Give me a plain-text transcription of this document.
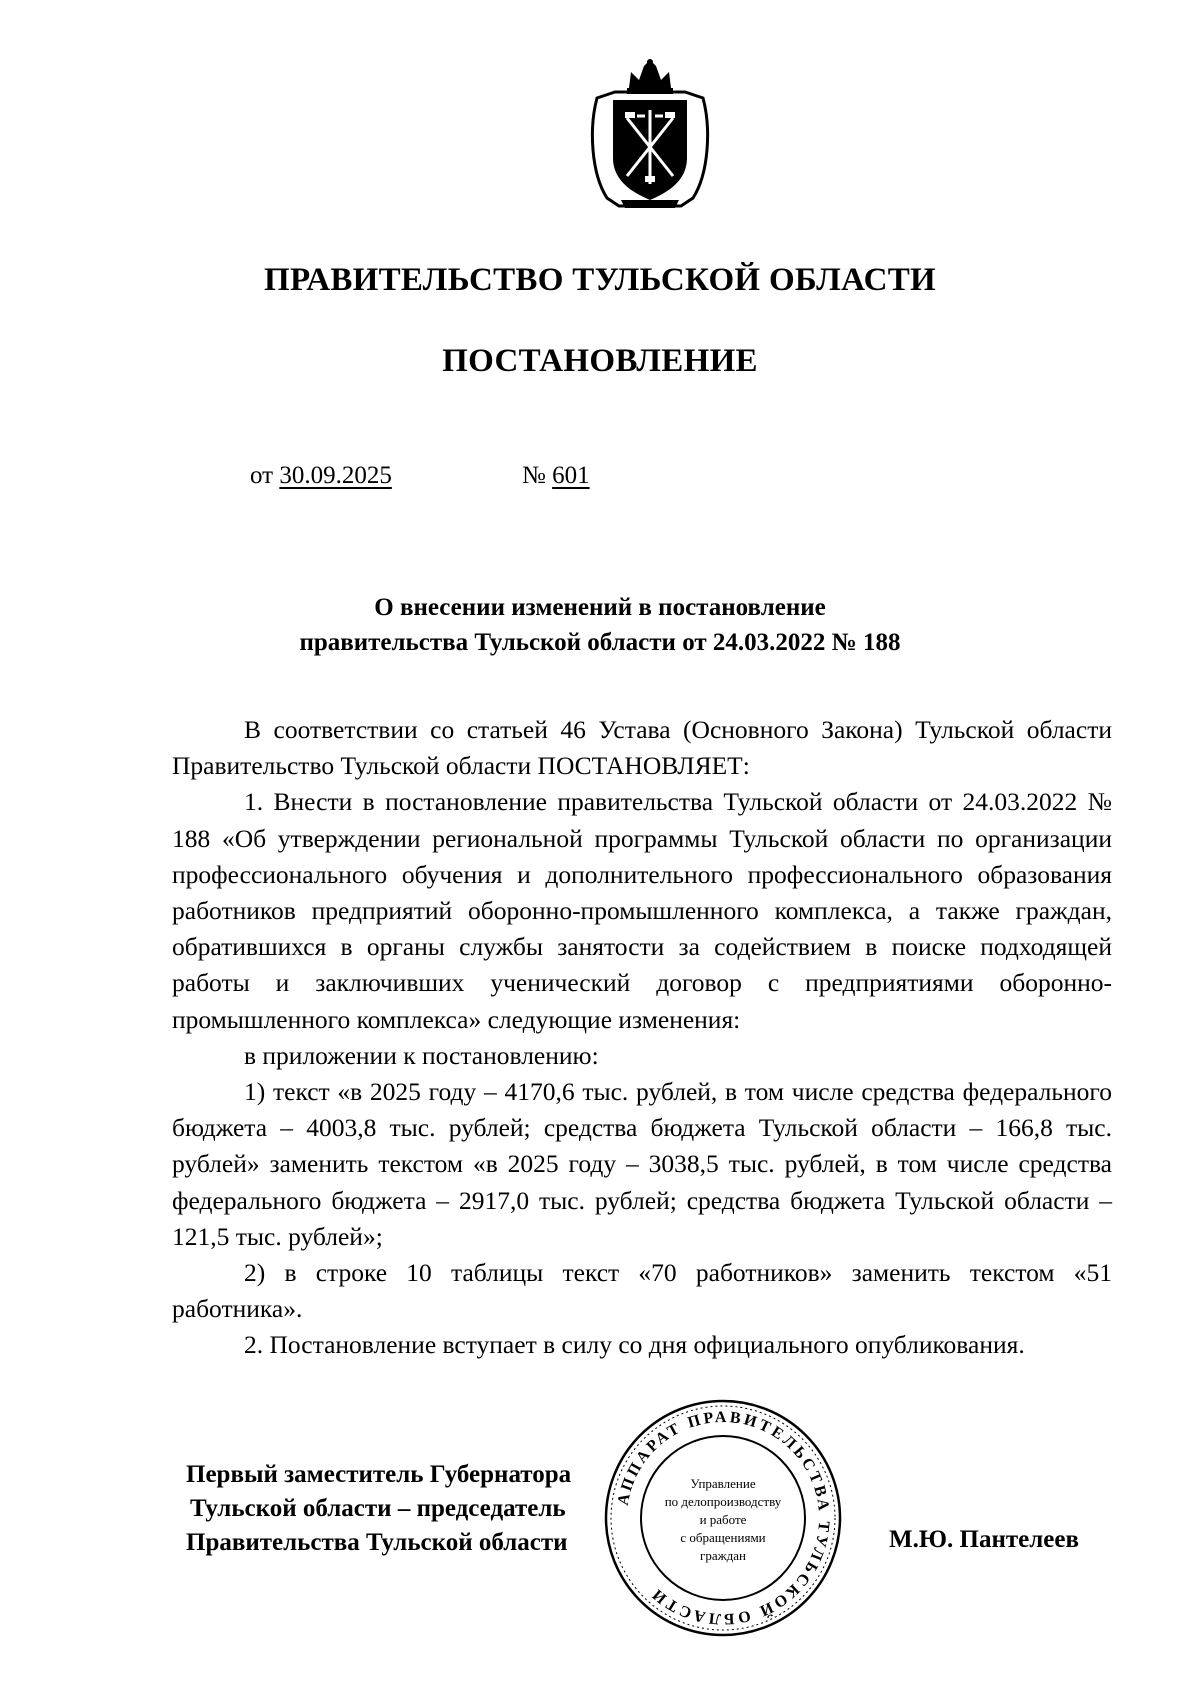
ПРАВИТЕЛЬСТВО ТУЛЬСКОЙ ОБЛАСТИ
ПОСТАНОВЛЕНИЕ
от 30.09.2025	№ 601
О внесении изменений в постановление
правительства Тульской области от 24.03.2022 № 188

В соответствии со статьей 46 Устава (Основного Закона) Тульской области Правительство Тульской области ПОСТАНОВЛЯЕТ:

1. Внести в постановление правительства Тульской области от 24.03.2022 № 188 «Об утверждении региональной программы Тульской области по организации профессионального обучения и дополнительного профессионального образования работников предприятий оборонно-промышленного комплекса, а также граждан, обратившихся в органы службы занятости за содействием в поиске подходящей работы и заключивших ученический договор с предприятиями оборонно-промышленного комплекса» следующие изменения:

в приложении к постановлению:

1) текст «в 2025 году – 4170,6 тыс. рублей, в том числе средства федерального бюджета – 4003,8 тыс. рублей; средства бюджета Тульской области – 166,8 тыс. рублей» заменить текстом «в 2025 году – 3038,5 тыс. рублей, в том числе средства федерального бюджета – 2917,0 тыс. рублей; средства бюджета Тульской области – 121,5 тыс. рублей»;

2) в строке 10 таблицы текст «70 работников» заменить текстом «51 работника».

2. Постановление вступает в силу со дня официального опубликования.

Первый заместитель Губернатора
Тульской области – председатель
Правительства Тульской области	М.Ю. Пантелеев
АППАРАТ ПРАВИТЕЛЬСТВА ТУЛЬСКОЙ ОБЛАСТИ
Управление
по делопроизводству
и работе
с обращениями
граждан
